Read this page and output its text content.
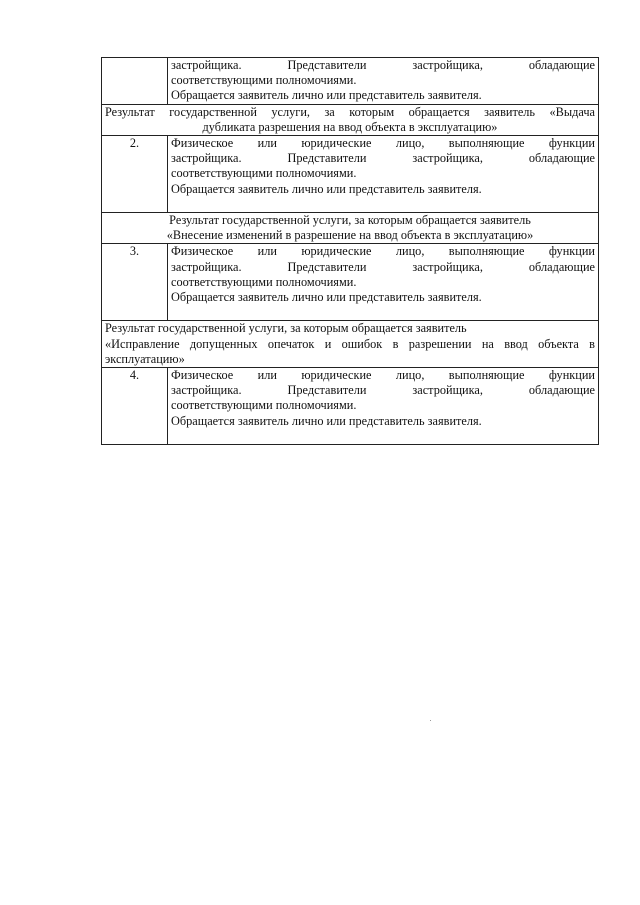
	застройщика. Представители застройщика, обладающие
соответствующими полномочиями.
Обращается заявитель лично или представитель заявителя.

Результат государственной услуги, за которым обращается заявитель «Выдача
дубликата разрешения на ввод объекта в эксплуатацию»	

2.	Физическое или юридические лицо, выполняющие функции
застройщика. Представители застройщика, обладающие
соответствующими полномочиями.
Обращается заявитель лично или представитель заявителя.

Результат государственной услуги, за которым обращается заявитель
«Внесение изменений в разрешение на ввод объекта в эксплуатацию»	

3.	Физическое или юридические лицо, выполняющие функции
застройщика. Представители застройщика, обладающие
соответствующими полномочиями.
Обращается заявитель лично или представитель заявителя.

Результат государственной услуги, за которым обращается заявитель
«Исправление допущенных опечаток и ошибок в разрешении на ввод объекта в
эксплуатацию»	

4.	Физическое или юридические лицо, выполняющие функции
застройщика. Представители застройщика, обладающие
соответствующими полномочиями.
Обращается заявитель лично или представитель заявителя.
